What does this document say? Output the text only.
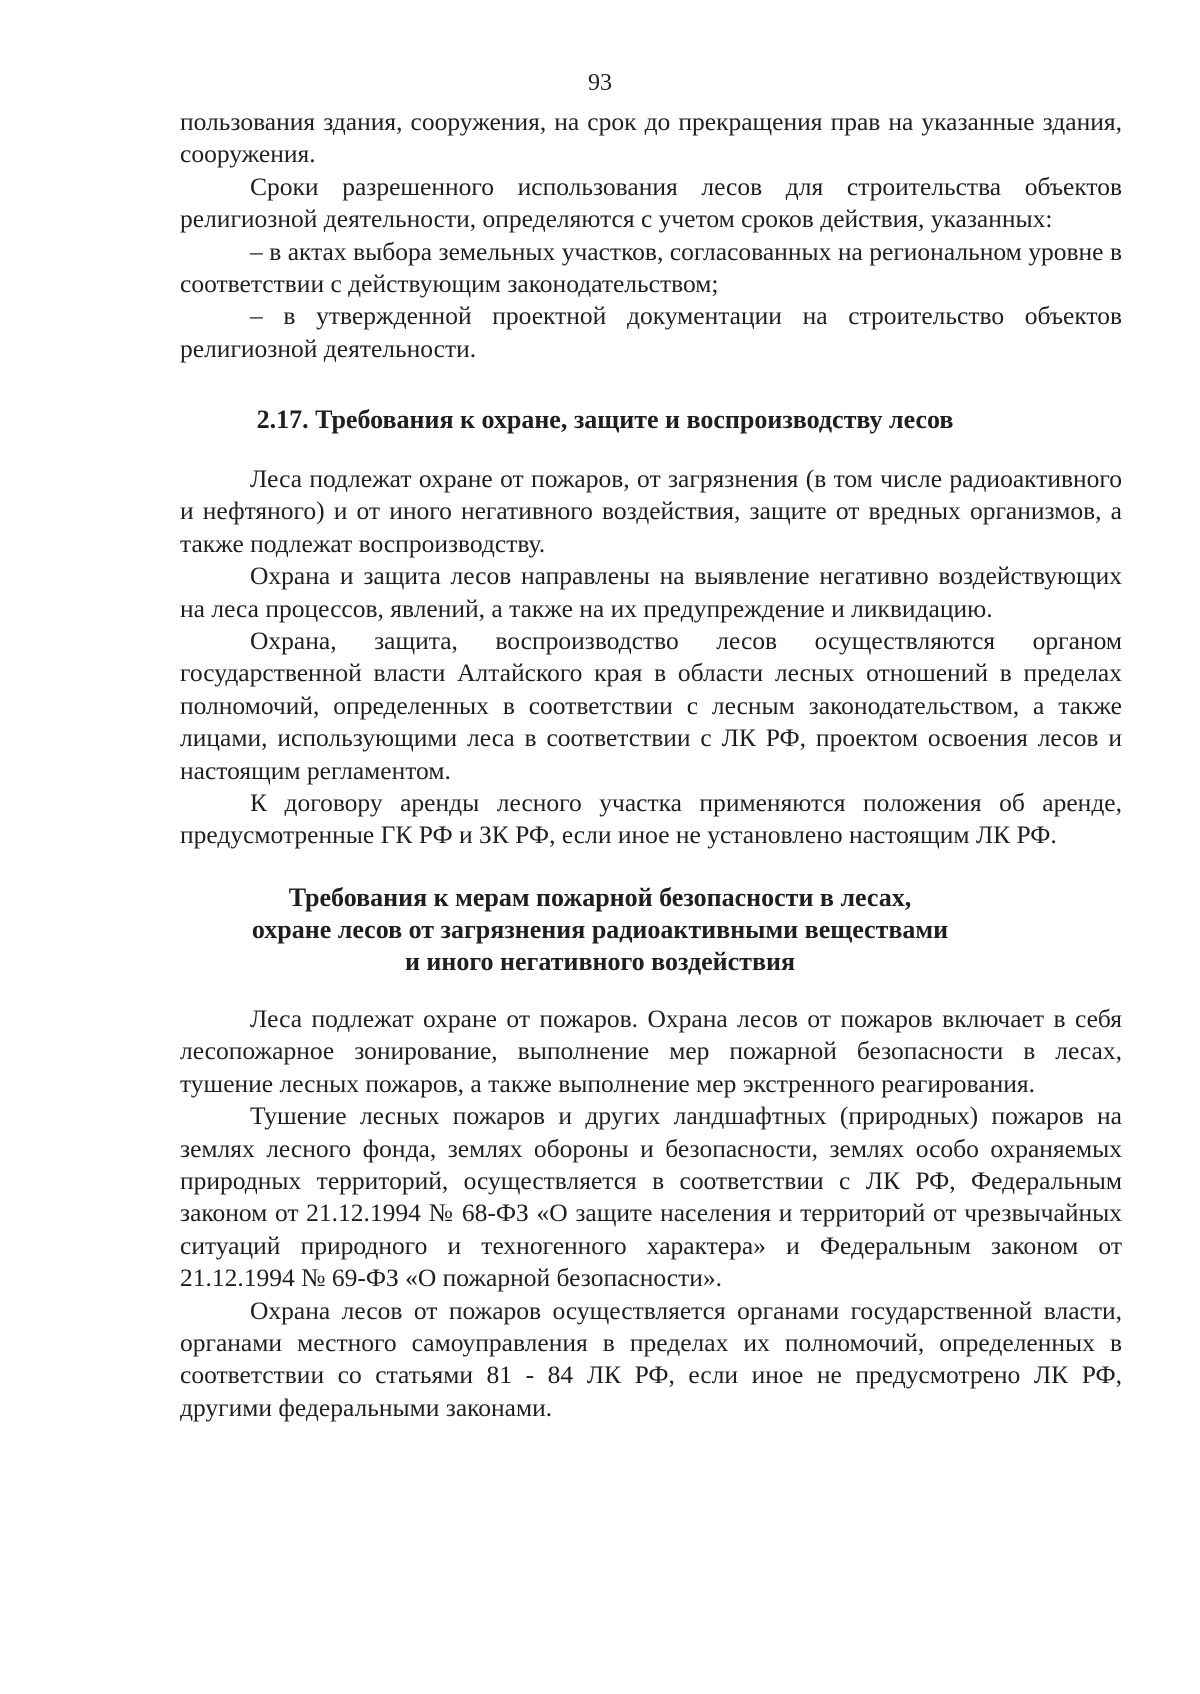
93

пользования здания, сооружения, на срок до прекращения прав на указанные здания, сооружения.

Сроки разрешенного использования лесов для строительства объектов религиозной деятельности, определяются с учетом сроков действия, указанных:

– в актах выбора земельных участков, согласованных на региональном уровне в соответствии с действующим законодательством;

– в утвержденной проектной документации на строительство объектов религиозной деятельности.

2.17. Требования к охране, защите и воспроизводству лесов

Леса подлежат охране от пожаров, от загрязнения (в том числе радиоактивного и нефтяного) и от иного негативного воздействия, защите от вредных организмов, а также подлежат воспроизводству.

Охрана и защита лесов направлены на выявление негативно воздействующих на леса процессов, явлений, а также на их предупреждение и ликвидацию.

Охрана, защита, воспроизводство лесов осуществляются органом государственной власти Алтайского края в области лесных отношений в пределах полномочий, определенных в соответствии с лесным законодательством, а также лицами, использующими леса в соответствии с ЛК РФ, проектом освоения лесов и настоящим регламентом.

К договору аренды лесного участка применяются положения об аренде, предусмотренные ГК РФ и ЗК РФ, если иное не установлено настоящим ЛК РФ.

Требования к мерам пожарной безопасности в лесах,
охране лесов от загрязнения радиоактивными веществами
и иного негативного воздействия

Леса подлежат охране от пожаров. Охрана лесов от пожаров включает в себя лесопожарное зонирование, выполнение мер пожарной безопасности в лесах, тушение лесных пожаров, а также выполнение мер экстренного реагирования.

Тушение лесных пожаров и других ландшафтных (природных) пожаров на землях лесного фонда, землях обороны и безопасности, землях особо охраняемых природных территорий, осуществляется в соответствии с ЛК РФ, Федеральным законом от 21.12.1994 № 68-ФЗ «О защите населения и территорий от чрезвычайных ситуаций природного и техногенного характера» и Федеральным законом от 21.12.1994 № 69-ФЗ «О пожарной безопасности».

Охрана лесов от пожаров осуществляется органами государственной власти, органами местного самоуправления в пределах их полномочий, определенных в соответствии со статьями 81 - 84 ЛК РФ, если иное не предусмотрено ЛК РФ, другими федеральными законами.
